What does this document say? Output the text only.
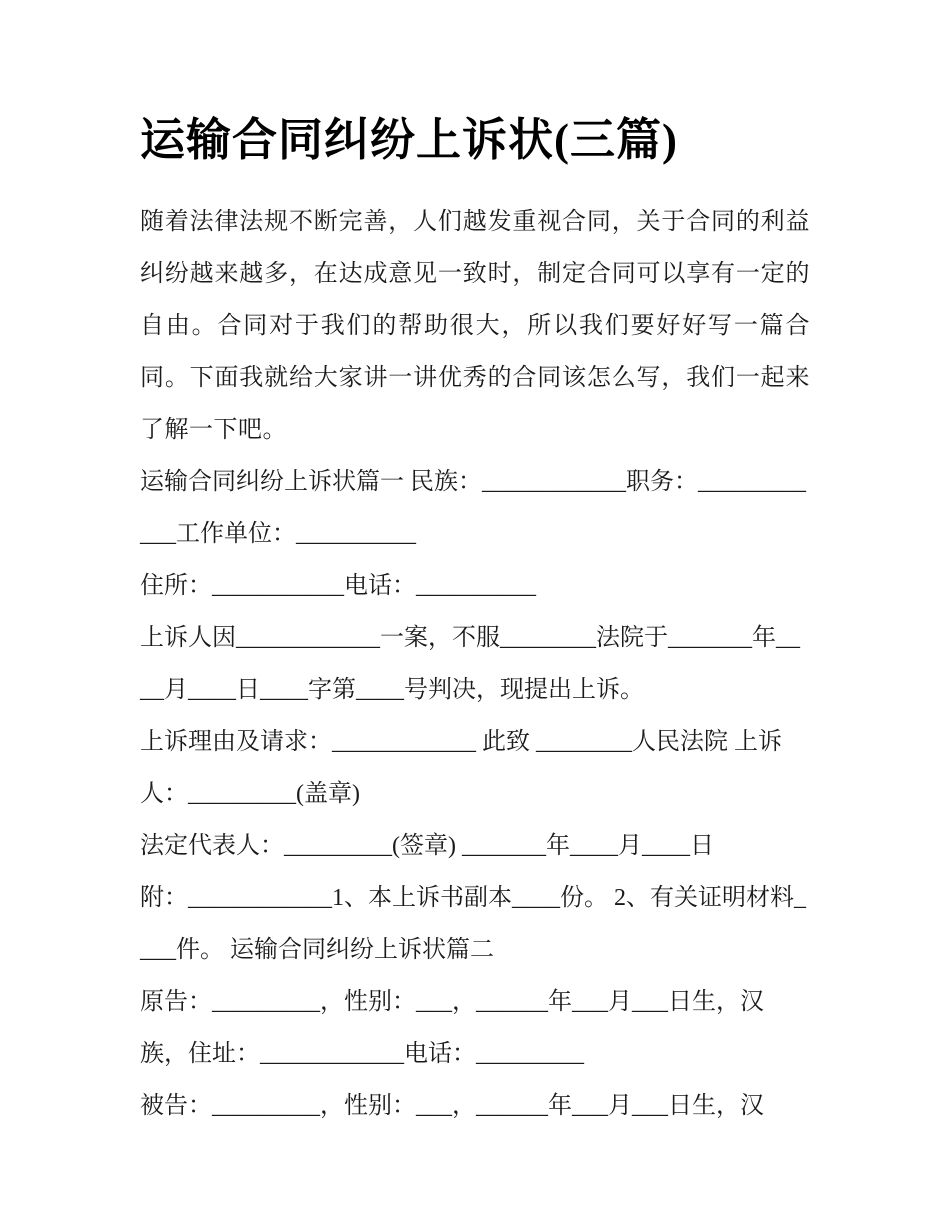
运输合同纠纷上诉状(三篇)

随着法律法规不断完善，人们越发重视合同，关于合同的利益纠纷越来越多，在达成意见一致时，制定合同可以享有一定的自由。合同对于我们的帮助很大，所以我们要好好写一篇合同。下面我就给大家讲一讲优秀的合同该怎么写，我们一起来了解一下吧。

运输合同纠纷上诉状篇一 民族：____________职务：____________工作单位：__________

住所：___________电话：__________

上诉人因____________一案，不服________法院于_______年____月____日____字第____号判决，现提出上诉。

上诉理由及请求：____________ 此致 ________人民法院 上诉人：_________(盖章)

法定代表人：_________(签章) _______年____月____日

附：____________1、本上诉书副本____份。 2、有关证明材料____件。 运输合同纠纷上诉状篇二

原告：_________，性别：___，______年___月___日生，汉族，住址：____________电话：_________

被告：_________，性别：___，______年___月___日生，汉
